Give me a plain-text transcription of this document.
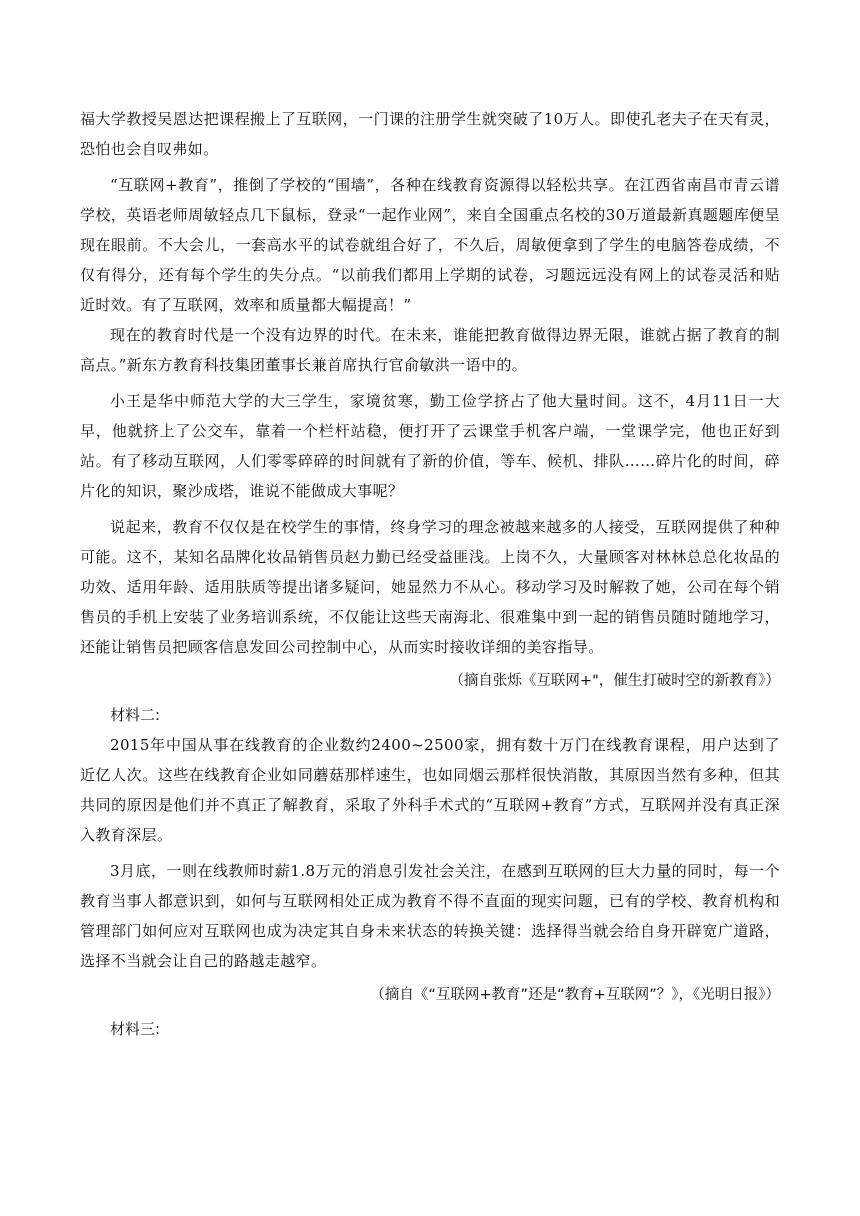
福大学教授吴恩达把课程搬上了互联网，一门课的注册学生就突破了10万人。即使孔老夫子在天有灵，恐怕也会自叹弗如。

“互联网+教育”，推倒了学校的“围墙”，各种在线教育资源得以轻松共享。在江西省南昌市青云谱学校，英语老师周敏轻点几下鼠标，登录“一起作业网”，来自全国重点名校的30万道最新真题题库便呈现在眼前。不大会儿，一套高水平的试卷就组合好了，不久后，周敏便拿到了学生的电脑答卷成绩，不仅有得分，还有每个学生的失分点。“以前我们都用上学期的试卷，习题远远没有网上的试卷灵活和贴近时效。有了互联网，效率和质量都大幅提高！”

现在的教育时代是一个没有边界的时代。在未来，谁能把教育做得边界无限，谁就占据了教育的制高点。”新东方教育科技集团董事长兼首席执行官俞敏洪一语中的。

小王是华中师范大学的大三学生，家境贫寒，勤工俭学挤占了他大量时间。这不，4月11日一大早，他就挤上了公交车，靠着一个栏杆站稳，便打开了云课堂手机客户端，一堂课学完，他也正好到站。有了移动互联网，人们零零碎碎的时间就有了新的价值，等车、候机、排队……碎片化的时间，碎片化的知识，聚沙成塔，谁说不能做成大事呢？

说起来，教育不仅仅是在校学生的事情，终身学习的理念被越来越多的人接受，互联网提供了种种可能。这不，某知名品牌化妆品销售员赵力勤已经受益匪浅。上岗不久，大量顾客对林林总总化妆品的功效、适用年龄、适用肤质等提出诸多疑问，她显然力不从心。移动学习及时解救了她，公司在每个销售员的手机上安装了业务培训系统，不仅能让这些天南海北、很难集中到一起的销售员随时随地学习，还能让销售员把顾客信息发回公司控制中心，从而实时接收详细的美容指导。

（摘自张烁《互联网+"，催生打破时空的新教育》）

材料二:

2015年中国从事在线教育的企业数约2400~2500家，拥有数十万门在线教育课程，用户达到了近亿人次。这些在线教育企业如同蘑菇那样速生，也如同烟云那样很快消散，其原因当然有多种，但其共同的原因是他们并不真正了解教育，采取了外科手术式的“互联网+教育”方式，互联网并没有真正深入教育深层。

3月底，一则在线教师时薪1.8万元的消息引发社会关注，在感到互联网的巨大力量的同时，每一个教育当事人都意识到，如何与互联网相处正成为教育不得不直面的现实问题，已有的学校、教育机构和管理部门如何应对互联网也成为决定其自身未来状态的转换关键：选择得当就会给自身开辟宽广道路，选择不当就会让自己的路越走越窄。

（摘自《“互联网+教育”还是“教育+互联网”？》，《光明日报》）

材料三:
